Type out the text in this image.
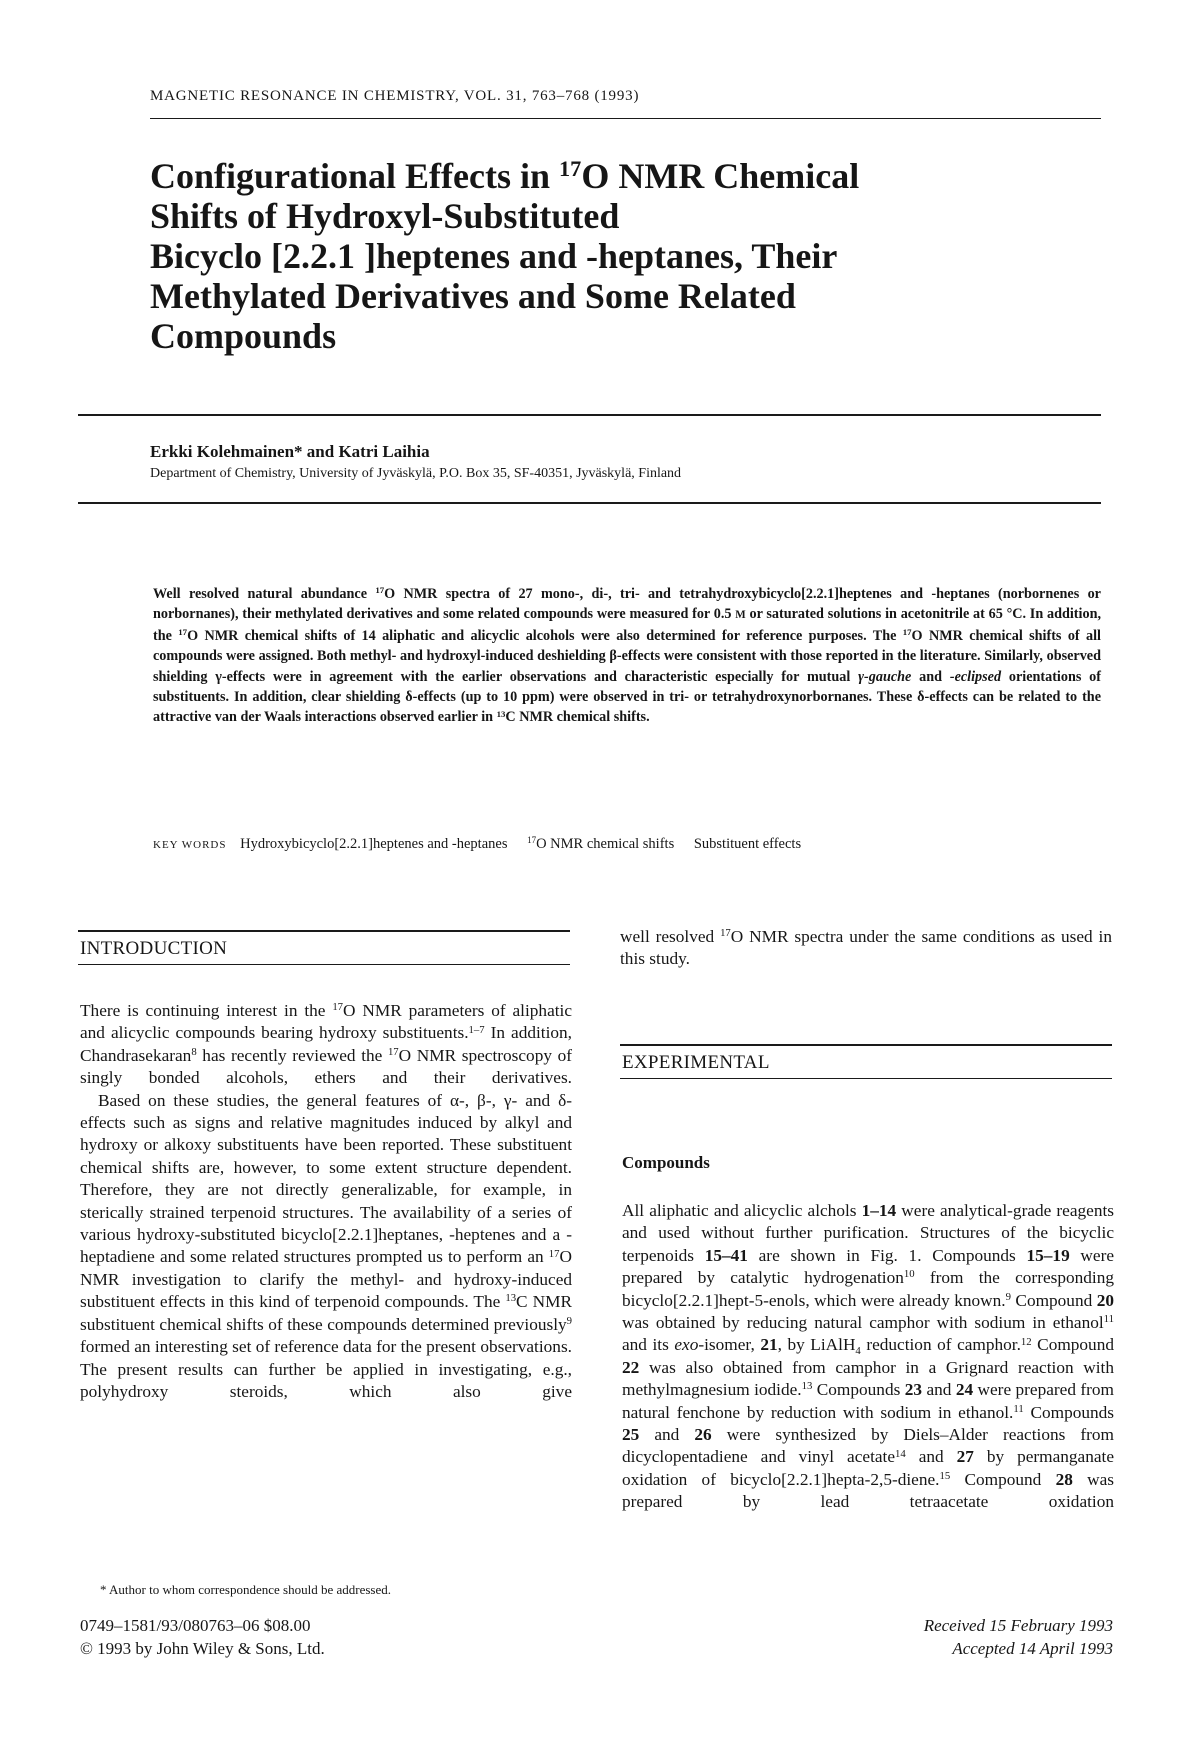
MAGNETIC RESONANCE IN CHEMISTRY, VOL. 31, 763–768 (1993)
Configurational Effects in $^{17}$O NMR Chemical
Shifts of Hydroxyl-Substituted
Bicyclo [2.2.1 ]heptenes and -heptanes, Their
Methylated Derivatives and Some Related
Compounds
Erkki Kolehmainen* and Katri Laihia
Department of Chemistry, University of Jyväskylä, P.O. Box 35, SF-40351, Jyväskylä, Finland
Well resolved natural abundance $^{17}$O NMR spectra of 27 mono-, di-, tri- and tetrahydroxybicyclo[2.2.1]heptenes and -heptanes (norbornenes or norbornanes), their methylated derivatives and some related compounds were measured for 0.5 M or saturated solutions in acetonitrile at 65 °C. In addition, the $^{17}$O NMR chemical shifts of 14 aliphatic and alicyclic alcohols were also determined for reference purposes. The $^{17}$O NMR chemical shifts of all compounds were assigned. Both methyl- and hydroxyl-induced deshielding β-effects were consistent with those reported in the literature. Similarly, observed shielding γ-effects were in agreement with the earlier observations and characteristic especially for mutual γ-gauche and -eclipsed orientations of substituents. In addition, clear shielding δ-effects (up to 10 ppm) were observed in tri- or tetrahydroxynorbornanes. These δ-effects can be related to the attractive van der Waals interactions observed earlier in $^{13}$C NMR chemical shifts.
KEY WORDS Hydroxybicyclo[2.2.1]heptenes and -heptanes $^{17}$O NMR chemical shifts Substituent effects
INTRODUCTION

There is continuing interest in the $^{17}$O NMR parameters of aliphatic and alicyclic compounds bearing hydroxy substituents.$^{1-7}$ In addition, Chandrasekaran$^8$ has recently reviewed the $^{17}$O NMR spectroscopy of singly bonded alcohols, ethers and their derivatives.

Based on these studies, the general features of α-, β-, γ- and δ-effects such as signs and relative magnitudes induced by alkyl and hydroxy or alkoxy substituents have been reported. These substituent chemical shifts are, however, to some extent structure dependent. Therefore, they are not directly generalizable, for example, in sterically strained terpenoid structures. The availability of a series of various hydroxy-substituted bicyclo[2.2.1]heptanes, -heptenes and a -heptadiene and some related structures prompted us to perform an $^{17}$O NMR investigation to clarify the methyl- and hydroxy-induced substituent effects in this kind of terpenoid compounds. The $^{13}$C NMR substituent chemical shifts of these compounds determined previously$^9$ formed an interesting set of reference data for the present observations. The present results can further be applied in investigating, e.g., polyhydroxy steroids, which also give

well resolved $^{17}$O NMR spectra under the same conditions as used in this study.

EXPERIMENTAL
Compounds

All aliphatic and alicyclic alchols 1–14 were analytical-grade reagents and used without further purification. Structures of the bicyclic terpenoids 15–41 are shown in Fig. 1. Compounds 15–19 were prepared by catalytic hydrogenation$^{10}$ from the corresponding bicyclo[2.2.1]hept-5-enols, which were already known.$^9$ Compound 20 was obtained by reducing natural camphor with sodium in ethanol$^{11}$ and its exo-isomer, 21, by LiAlH$_4$ reduction of camphor.$^{12}$ Compound 22 was also obtained from camphor in a Grignard reaction with methylmagnesium iodide.$^{13}$ Compounds 23 and 24 were prepared from natural fenchone by reduction with sodium in ethanol.$^{11}$ Compounds 25 and 26 were synthesized by Diels–Alder reactions from dicyclopentadiene and vinyl acetate$^{14}$ and 27 by permanganate oxidation of bicyclo[2.2.1]hepta-2,5-diene.$^{15}$ Compound 28 was prepared by lead tetraacetate oxidation

* Author to whom correspondence should be addressed.
0749–1581/93/080763–06 $08.00
© 1993 by John Wiley & Sons, Ltd.
Received 15 February 1993
Accepted 14 April 1993
